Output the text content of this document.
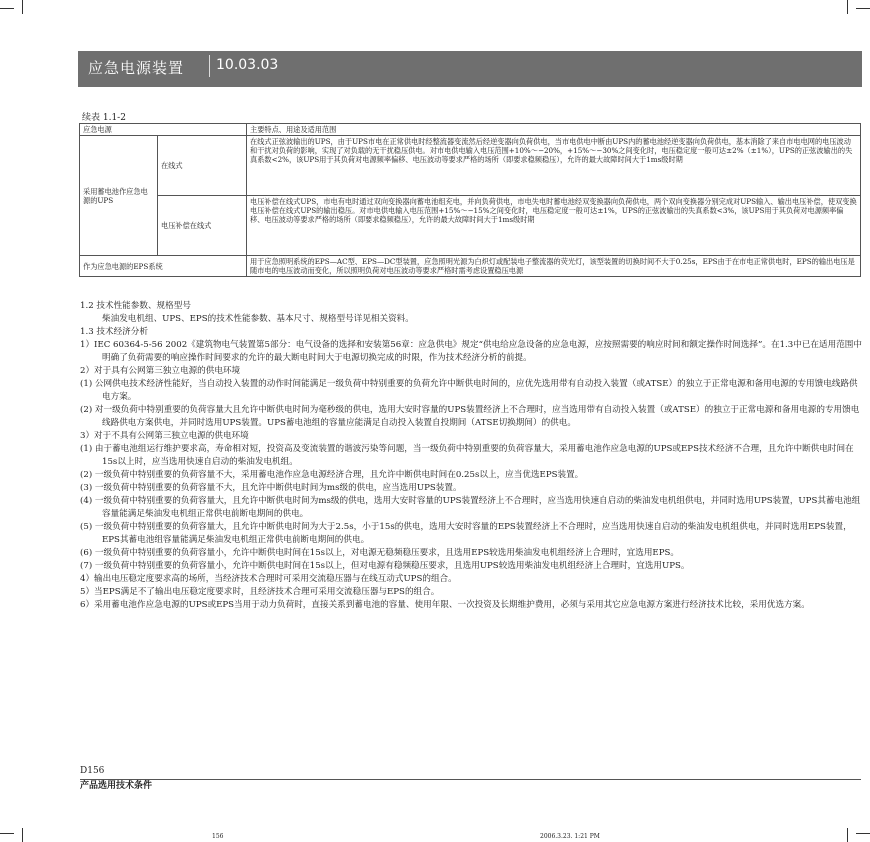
应急电源装置 10.03.03
续表 1.1-2
应急电源		主要特点、用途及适用范围
采用蓄电池作应急电源的UPS	在线式	在线式正弦波输出的UPS，由于UPS市电在正常供电时经整流器变流然后经逆变器向负荷供电，当市电供电中断由UPS内的蓄电池经逆变器向负荷供电，基本消除了来自市电电网的电压波动和干扰对负荷的影响，实现了对负载的无干扰稳压供电。对市电供电输入电压范围+10%～−20%，+15%～−30%之间变化时，电压稳定度一般可达±2%（±1%），UPS的正弦波输出的失真系数<2%，该UPS用于其负荷对电源频率偏移、电压波动等要求严格的场所（即要求稳频稳压），允许的最大故障时间大于1ms级时期
	电压补偿在线式	电压补偿在线式UPS，市电有电时通过双向变换器向蓄电池组充电，并向负荷供电，市电失电时蓄电池经双变换器向负荷供电，两个双向变换器分别完成对UPS输入、输出电压补偿，使双变换电压补偿在线式UPS的输出稳压。对市电供电输入电压范围+15%～−15%之间变化时，电压稳定度一般可达±1%，UPS的正弦波输出的失真系数<3%，该UPS用于其负荷对电源频率偏移、电压波动等要求严格的场所（即要求稳频稳压），允许的最大故障时间大于1ms级时期
作为应急电源的EPS系统		用于应急照明系统的EPS—AC型、EPS—DC型装置，应急照明光源为白炽灯或配装电子整流器的荧光灯，该型装置的切换时间不大于0.25s，EPS由于在市电正常供电时，EPS的输出电压是随市电的电压波动而变化，所以照明负荷对电压波动等要求严格时需考虑设置稳压电源

1.2 技术性能参数、规格型号

柴油发电机组、UPS、EPS的技术性能参数、基本尺寸、规格型号详见相关资料。

1.3 技术经济分析

1）IEC 60364-5-56 2002《建筑物电气装置第5部分：电气设备的选择和安装第56章：应急供电》规定“供电给应急设备的应急电源，应按照需要的响应时间和额定操作时间选择”。在1.3中已在适用范围中明确了负荷需要的响应操作时间要求的允许的最大断电时间大于电源切换完成的时限，作为技术经济分析的前提。

2）对于具有公网第三独立电源的供电环境

(1) 公网供电技术经济性能好，当自动投入装置的动作时间能满足一级负荷中特别重要的负荷允许中断供电时间的，应优先选用带有自动投入装置（或ATSE）的独立于正常电源和备用电源的专用馈电线路供电方案。

(2) 对一级负荷中特别重要的负荷容量大且允许中断供电时间为毫秒级的供电，选用大安时容量的UPS装置经济上不合理时，应当选用带有自动投入装置（或ATSE）的独立于正常电源和备用电源的专用馈电线路供电方案供电，并同时选用UPS装置。UPS蓄电池组的容量应能满足自动投入装置自投期间（ATSE切换期间）的供电。

3）对于不具有公网第三独立电源的供电环境

(1) 由于蓄电池组运行维护要求高，寿命相对短，投资高及变流装置的谐波污染等问题，当一级负荷中特别重要的负荷容量大，采用蓄电池作应急电源的UPS或EPS技术经济不合理，且允许中断供电时间在15s以上时，应当选用快速自启动的柴油发电机组。

(2) 一级负荷中特别重要的负荷容量不大，采用蓄电池作应急电源经济合理，且允许中断供电时间在0.25s以上，应当优选EPS装置。

(3) 一级负荷中特别重要的负荷容量不大，且允许中断供电时间为ms级的供电，应当选用UPS装置。

(4) 一级负荷中特别重要的负荷容量大，且允许中断供电时间为ms级的供电，选用大安时容量的UPS装置经济上不合理时，应当选用快速自启动的柴油发电机组供电，并同时选用UPS装置，UPS其蓄电池组容量能满足柴油发电机组正常供电前断电期间的供电。

(5) 一级负荷中特别重要的负荷容量大，且允许中断供电时间为大于2.5s，小于15s的供电，选用大安时容量的EPS装置经济上不合理时，应当选用快速自启动的柴油发电机组供电，并同时选用EPS装置，EPS其蓄电池组容量能满足柴油发电机组正常供电前断电期间的供电。

(6) 一级负荷中特别重要的负荷容量小，允许中断供电时间在15s以上，对电源无稳频稳压要求，且选用EPS较选用柴油发电机组经济上合理时，宜选用EPS。

(7) 一级负荷中特别重要的负荷容量小，允许中断供电时间在15s以上，但对电源有稳频稳压要求，且选用UPS较选用柴油发电机组经济上合理时，宜选用UPS。

4）输出电压稳定度要求高的场所，当经济技术合理时可采用交流稳压器与在线互动式UPS的组合。

5）当EPS满足不了输出电压稳定度要求时，且经济技术合理可采用交流稳压器与EPS的组合。

6）采用蓄电池作应急电源的UPS或EPS当用于动力负荷时，直接关系到蓄电池的容量、使用年限、一次投资及长期维护费用，必须与采用其它应急电源方案进行经济技术比较，采用优选方案。

D156
产品选用技术条件
156	2006.3.23. 1:21 PM
